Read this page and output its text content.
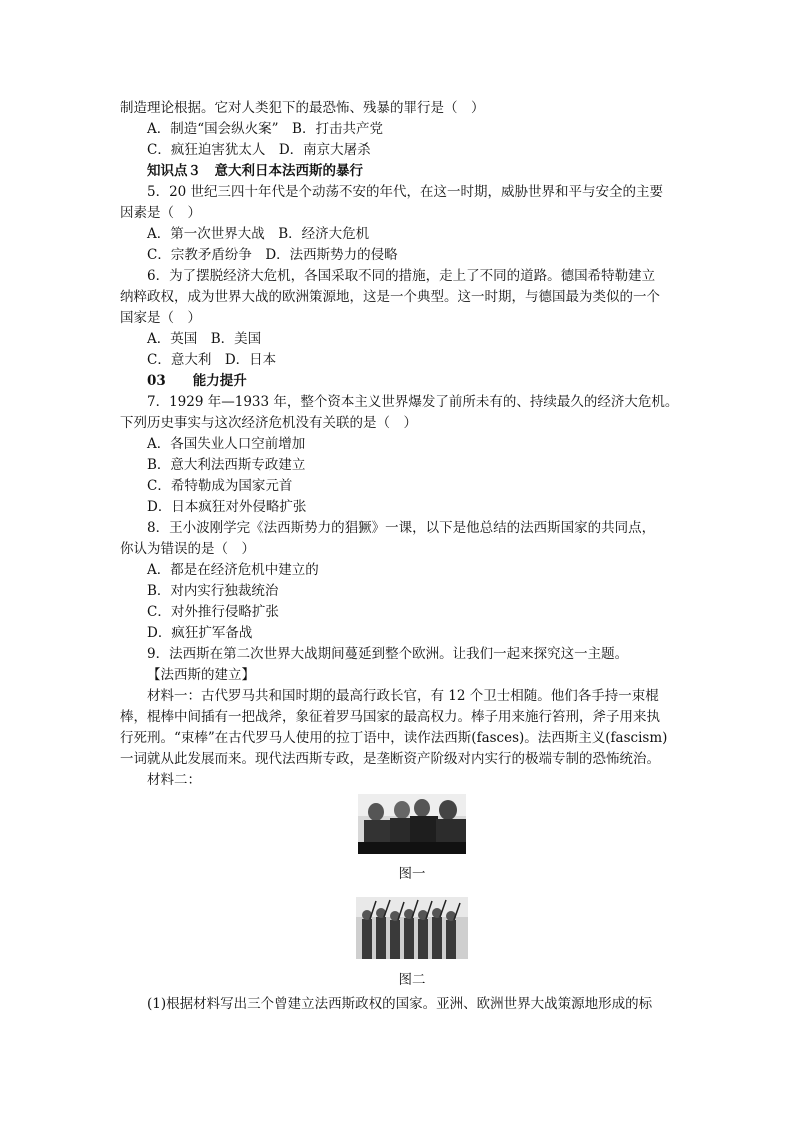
制造理论根据。它对人类犯下的最恐怖、残暴的罪行是（　）
A．制造“国会纵火案”　B．打击共产党
C．疯狂迫害犹太人　D．南京大屠杀
知识点３　意大利日本法西斯的暴行
5．20 世纪三四十年代是个动荡不安的年代，在这一时期，威胁世界和平与安全的主要
因素是（　）
A．第一次世界大战　B．经济大危机
C．宗教矛盾纷争　D．法西斯势力的侵略
6．为了摆脱经济大危机，各国采取不同的措施，走上了不同的道路。德国希特勒建立
纳粹政权，成为世界大战的欧洲策源地，这是一个典型。这一时期，与德国最为类似的一个
国家是（　）
A．英国　B．美国
C．意大利　D．日本
03　　能力提升
7．1929 年—1933 年，整个资本主义世界爆发了前所未有的、持续最久的经济大危机。
下列历史事实与这次经济危机没有关联的是（　）
A．各国失业人口空前增加
B．意大利法西斯专政建立
C．希特勒成为国家元首
D．日本疯狂对外侵略扩张
8．王小波刚学完《法西斯势力的猖獗》一课，以下是他总结的法西斯国家的共同点，
你认为错误的是（　）
A．都是在经济危机中建立的
B．对内实行独裁统治
C．对外推行侵略扩张
D．疯狂扩军备战
9．法西斯在第二次世界大战期间蔓延到整个欧洲。让我们一起来探究这一主题。
【法西斯的建立】
材料一：古代罗马共和国时期的最高行政长官，有 12 个卫士相随。他们各手持一束棍
棒，棍棒中间插有一把战斧，象征着罗马国家的最高权力。棒子用来施行笞刑，斧子用来执
行死刑。“束棒”在古代罗马人使用的拉丁语中，读作法西斯(fasces)。法西斯主义(fascism)
一词就从此发展而来。现代法西斯专政，是垄断资产阶级对内实行的极端专制的恐怖统治。
材料二：
图一
图二
(1)根据材料写出三个曾建立法西斯政权的国家。亚洲、欧洲世界大战策源地形成的标
